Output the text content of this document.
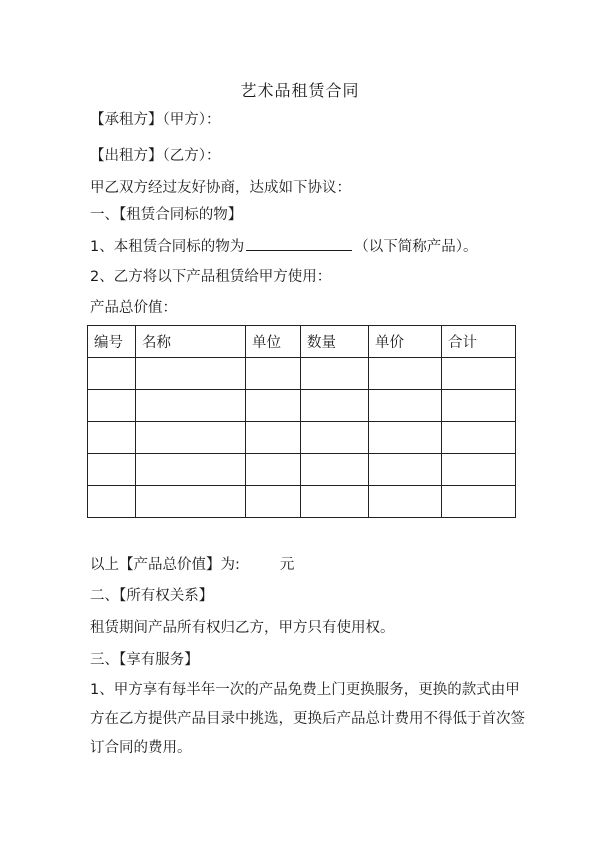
艺术品租赁合同
【承租方】（甲方）：
【出租方】（乙方）：
甲乙双方经过友好协商，达成如下协议：
一、【租赁合同标的物】
1、本租赁合同标的物为	（以下简称产品）。
2、乙方将以下产品租赁给甲方使用：
产品总价值：
编号	名称	单位	数量	单价	合计

以上【产品总价值】为:	元
二、【所有权关系】
租赁期间产品所有权归乙方，甲方只有使用权。
三、【享有服务】
1、甲方享有每半年一次的产品免费上门更换服务，更换的款式由甲方在乙方提供产品目录中挑选，更换后产品总计费用不得低于首次签订合同的费用。
